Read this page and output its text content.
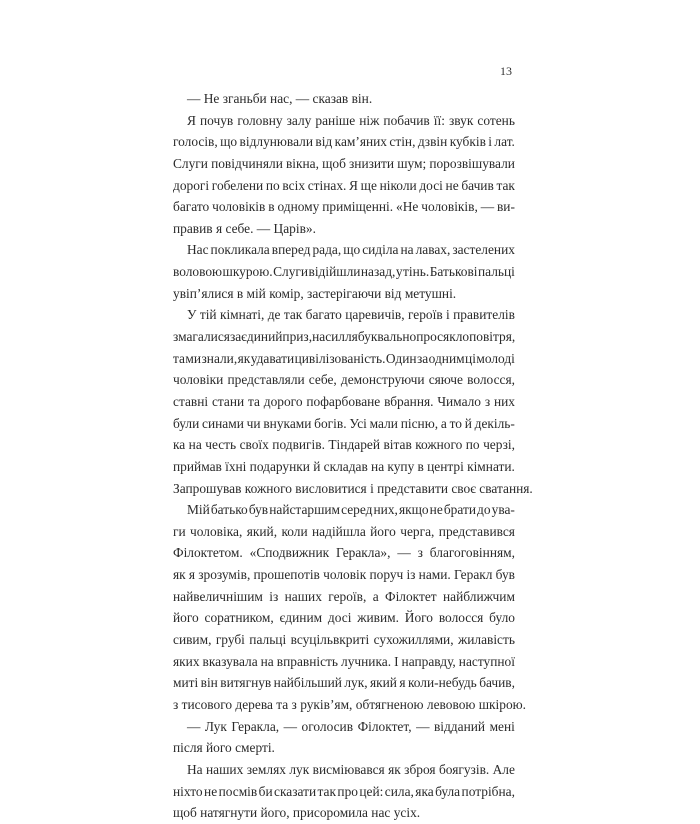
13
— Не зганьби нас, — сказав він.
Я почув головну залу раніше ніж побачив її: звук сотень
голосів, що відлунювали від кам’яних стін, дзвін кубків і лат.
Слуги повідчиняли вікна, щоб знизити шум; порозвішували
дорогі гобелени по всіх стінах. Я ще ніколи досі не бачив так
багато чоловіків в одному приміщенні. «Не чоловіків, — ви-
правив я себе. — Царів».
Нас покликала вперед рада, що сиділа на лавах, застелених
воловою шкурою. Слуги відійшли назад, у тінь. Батькові пальці
увіп’ялися в мій комір, застерігаючи від метушні.
У тій кімнаті, де так багато царевичів, героїв і правителів
змагалися за єдиний приз, насилля буквально просякло повітря,
та ми знали, як удавати цивілізованість. Один за одним ці молоді
чоловіки представляли себе, демонструючи сяюче волосся,
ставні стани та дорого пофарбоване вбрання. Чимало з них
були синами чи внуками богів. Усі мали пісню, а то й декіль-
ка на честь своїх подвигів. Тіндарей вітав кожного по черзі,
приймав їхні подарунки й складав на купу в центрі кімнати.
Запрошував кожного висловитися і представити своє сватання.
Мій батько був найстаршим серед них, якщо не брати до ува-
ги чоловіка, який, коли надійшла його черга, представився
Філоктетом. «Сподвижник Геракла», — з благоговінням,
як я зрозумів, прошепотів чоловік поруч із нами. Геракл був
найвеличнішим із наших героїв, а Філоктет найближчим
його соратником, єдиним досі живим. Його волосся було
сивим, грубі пальці всуцільвкриті сухожиллями, жилавість
яких вказувала на вправність лучника. І направду, наступної
миті він витягнув найбільший лук, який я коли-небудь бачив,
з тисового дерева та з руків’ям, обтягненою левовою шкірою.
— Лук Геракла, — оголосив Філоктет, — відданий мені
після його смерті.
На наших землях лук висміювався як зброя боягузів. Але
ніхто не посмів би сказати так про цей: сила, яка була потрібна,
щоб натягнути його, присоромила нас усіх.
